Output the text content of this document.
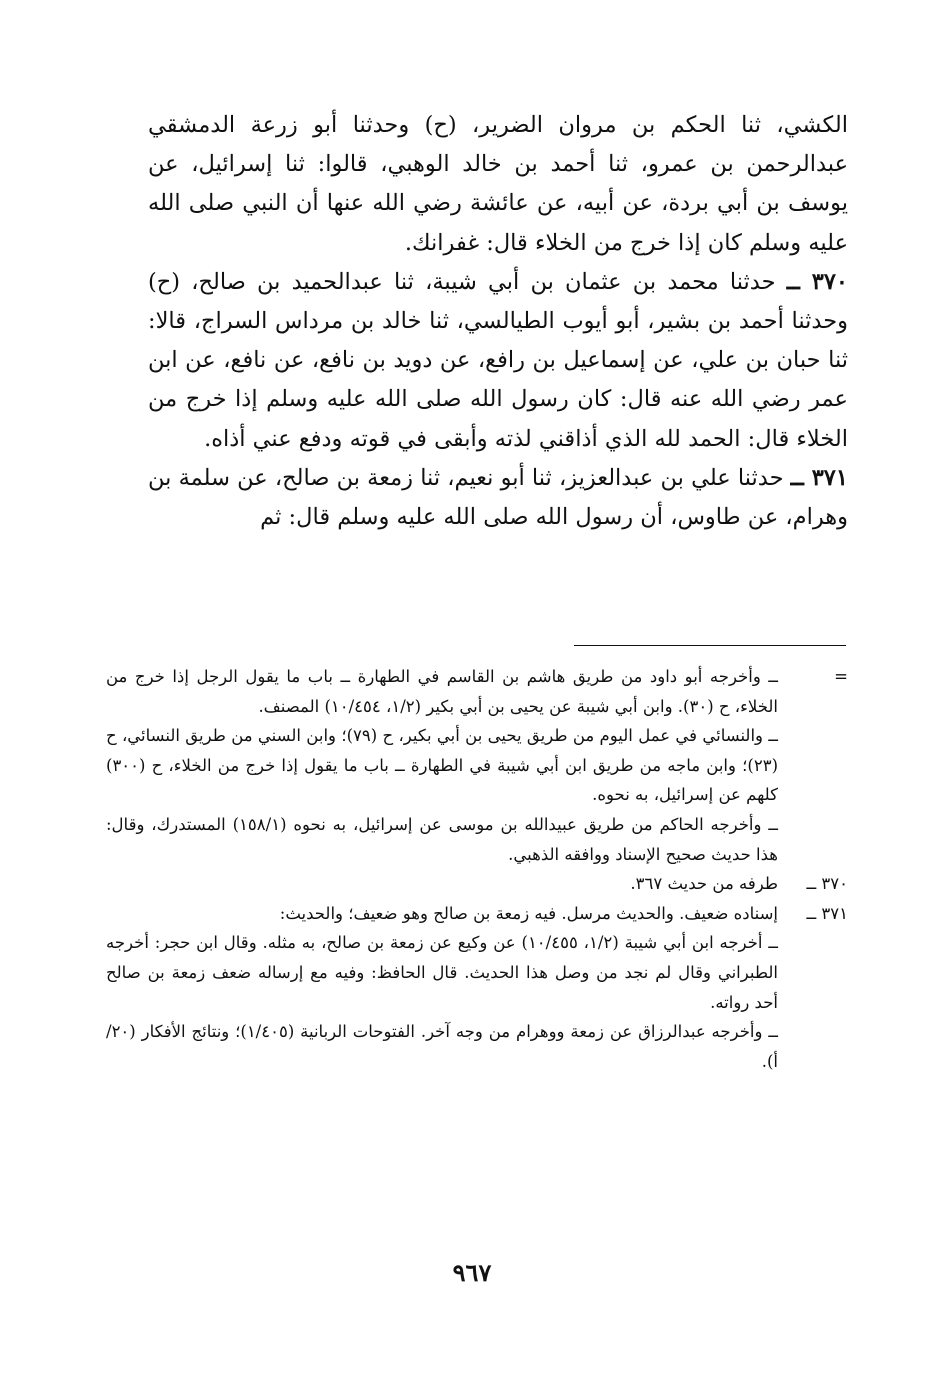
الكشي، ثنا الحكم بن مروان الضرير، (ح) وحدثنا أبو زرعة الدمشقي عبدالرحمن بن عمرو، ثنا أحمد بن خالد الوهبي، قالوا: ثنا إسرائيل، عن يوسف بن أبي بردة، عن أبيه، عن عائشة رضي الله عنها أن النبي صلى الله عليه وسلم كان إذا خرج من الخلاء قال: غفرانك.

٣٧٠ ــ حدثنا محمد بن عثمان بن أبي شيبة، ثنا عبدالحميد بن صالح، (ح) وحدثنا أحمد بن بشير، أبو أيوب الطيالسي، ثنا خالد بن مرداس السراج، قالا: ثنا حبان بن علي، عن إسماعيل بن رافع، عن دويد بن نافع، عن نافع، عن ابن عمر رضي الله عنه قال: كان رسول الله صلى الله عليه وسلم إذا خرج من الخلاء قال: الحمد لله الذي أذاقني لذته وأبقى في قوته ودفع عني أذاه.

٣٧١ ــ حدثنا علي بن عبدالعزيز، ثنا أبو نعيم، ثنا زمعة بن صالح، عن سلمة بن وهرام، عن طاوس، أن رسول الله صلى الله عليه وسلم قال: ثم

=

ــ وأخرجه أبو داود من طريق هاشم بن القاسم في الطهارة ــ باب ما يقول الرجل إذا خرج من الخلاء، ح (٣٠). وابن أبي شيبة عن يحيى بن أبي بكير (١/٢، ١٠/٤٥٤) المصنف.

ــ والنسائي في عمل اليوم من طريق يحيى بن أبي بكير، ح (٧٩)؛ وابن السني من طريق النسائي، ح (٢٣)؛ وابن ماجه من طريق ابن أبي شيبة في الطهارة ــ باب ما يقول إذا خرج من الخلاء، ح (٣٠٠) كلهم عن إسرائيل، به نحوه.

ــ وأخرجه الحاكم من طريق عبيدالله بن موسى عن إسرائيل، به نحوه (١٥٨/١) المستدرك، وقال: هذا حديث صحيح الإسناد ووافقه الذهبي.

٣٧٠ ــ

طرفه من حديث ٣٦٧.

٣٧١ ــ

إسناده ضعيف. والحديث مرسل. فيه زمعة بن صالح وهو ضعيف؛ والحديث:

ــ أخرجه ابن أبي شيبة (١/٢، ١٠/٤٥٥) عن وكيع عن زمعة بن صالح، به مثله. وقال ابن حجر: أخرجه الطبراني وقال لم نجد من وصل هذا الحديث. قال الحافظ: وفيه مع إرساله ضعف زمعة بن صالح أحد رواته.

ــ وأخرجه عبدالرزاق عن زمعة ووهرام من وجه آخر. الفتوحات الربانية (١/٤٠٥)؛ ونتائج الأفكار (٢٠/أ).

٩٦٧
